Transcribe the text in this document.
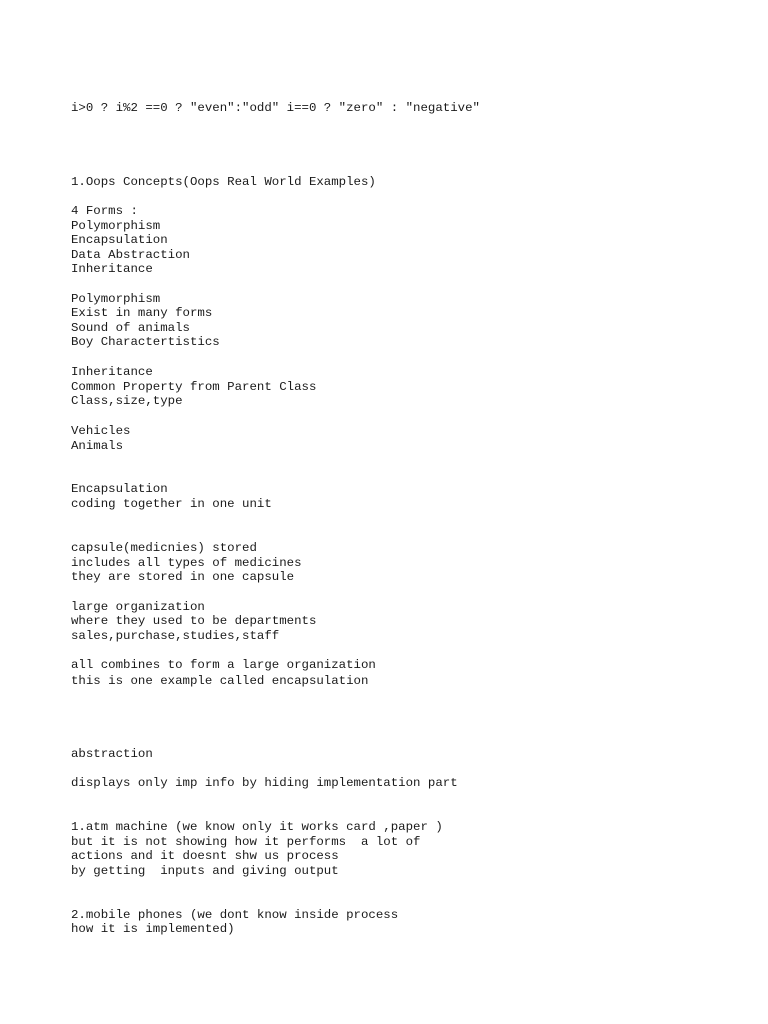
i>0 ? i%2 ==0 ? "even":"odd" i==0 ? "zero" : "negative"

1.Oops Concepts(Oops Real World Examples)

4 Forms :

Polymorphism

Encapsulation

Data Abstraction

Inheritance

Polymorphism

Exist in many forms

Sound of animals

Boy Charactertistics

Inheritance

Common Property from Parent Class

Class,size,type

Vehicles

Animals

Encapsulation

coding together in one unit

capsule(medicnies) stored

includes all types of medicines

they are stored in one capsule

large organization

where they used to be departments

sales,purchase,studies,staff

all combines to form a large organization

this is one example called encapsulation

abstraction

displays only imp info by hiding implementation part

1.atm machine (we know only it works card ,paper )

but it is not showing how it performs  a lot of

actions and it doesnt shw us process

by getting  inputs and giving output

2.mobile phones (we dont know inside process

how it is implemented)
